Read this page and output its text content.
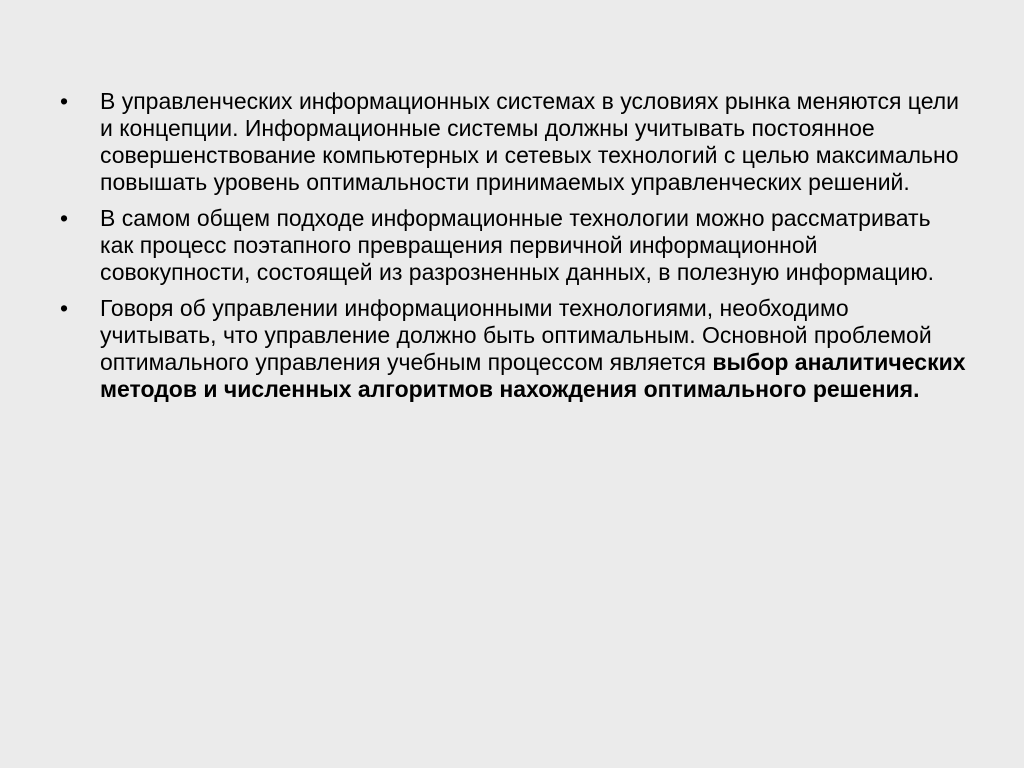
•	В управленческих информационных системах в условиях рынка меняются цели и концепции. Информационные системы должны учитывать постоянное совершенствование компьютерных и сетевых технологий с целью максимально повышать уровень оптимальности принимаемых управленческих решений.
•	В самом общем подходе информационные технологии можно рассматривать как процесс поэтапного превращения первичной информационной совокупности, состоящей из разрозненных данных, в полезную информацию.
•	Говоря об управлении информационными технологиями, необходимо учитывать, что управление должно быть оптимальным. Основной проблемой оптимального управления учебным процессом является выбор аналитических методов и численных алгоритмов нахождения оптимального решения.
